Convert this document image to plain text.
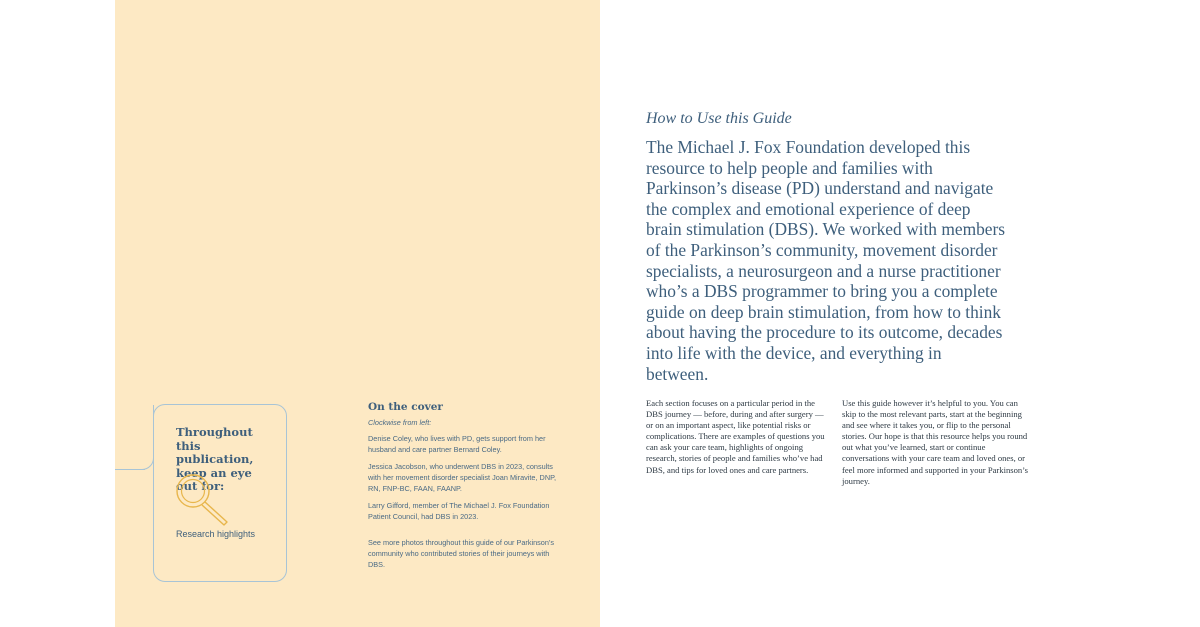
Throughout this publication, keep an eye out for:
Research highlights
On the cover
Clockwise from left:

Denise Coley, who lives with PD, gets support from her husband and care partner Bernard Coley.

Jessica Jacobson, who underwent DBS in 2023, consults with her movement disorder specialist Joan Miravite, DNP, RN, FNP-BC, FAAN, FAANP.

Larry Gifford, member of The Michael J. Fox Foundation Patient Council, had DBS in 2023.

See more photos throughout this guide of our Parkinson’s community who contributed stories of their journeys with DBS.

How to Use this Guide

The Michael J. Fox Foundation developed this resource to help people and families with Parkinson’s disease (PD) understand and navigate the complex and emotional experience of deep brain stimulation (DBS). We worked with members of the Parkinson’s community, movement disorder specialists, a neurosurgeon and a nurse practitioner who’s a DBS programmer to bring you a complete guide on deep brain stimulation, from how to think about having the procedure to its outcome, decades into life with the device, and everything in between.

Each section focuses on a particular period in the DBS journey — before, during and after surgery — or on an important aspect, like potential risks or complications. There are examples of questions you can ask your care team, highlights of ongoing research, stories of people and families who’ve had DBS, and tips for loved ones and care partners.

Use this guide however it’s helpful to you. You can skip to the most relevant parts, start at the beginning and see where it takes you, or flip to the personal stories. Our hope is that this resource helps you round out what you’ve learned, start or continue conversations with your care team and loved ones, or feel more informed and supported in your Parkinson’s journey.
